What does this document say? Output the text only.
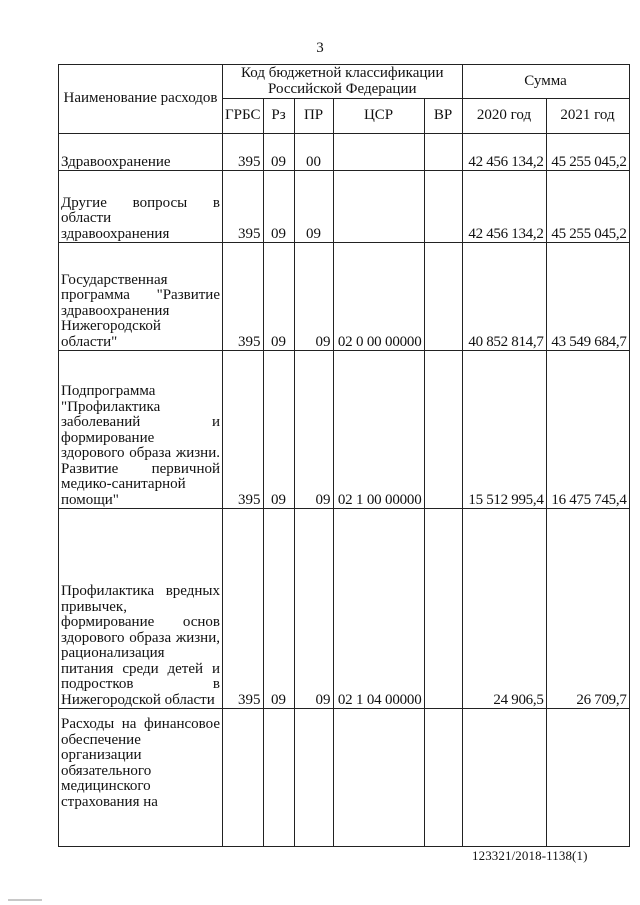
3
Наименование расходов	Код бюджетной классификации Российской Федерации					Сумма	
	ГРБС	Рз	ПР	ЦСР	ВР	2020 год	2021 год
Здравоохранение	395	09	00			42 456 134,2	45 255 045,2
Другие вопросы в области здравоохранения	395	09	09			42 456 134,2	45 255 045,2
Государственная программа "Развитие здравоохранения Нижегородской области"	395	09	09	02 0 00 00000		40 852 814,7	43 549 684,7
Подпрограмма "Профилактика заболеваний и формирование здорового образа жизни. Развитие первичной медико-санитарной помощи"	395	09	09	02 1 00 00000		15 512 995,4	16 475 745,4
Профилактика вредных привычек, формирование основ здорового образа жизни, рационализация питания среди детей и подростков в Нижегородской области	395	09	09	02 1 04 00000		24 906,5	26 709,7
Расходы на финансовое обеспечение организации обязательного медицинского страхования на							
123321/2018-1138(1)
